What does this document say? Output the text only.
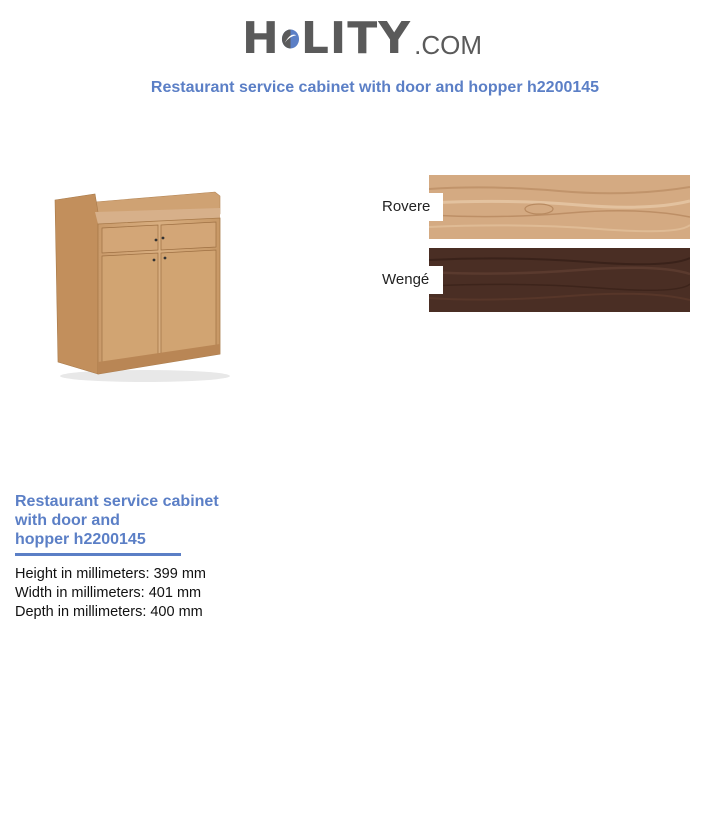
H LITY .COM
Restaurant service cabinet with door and hopper h2200145
Rovere
Wengé
Restaurant service cabinet
with door and
hopper h2200145
Height in millimeters: 399 mm
Width in millimeters: 401 mm
Depth in millimeters: 400 mm
